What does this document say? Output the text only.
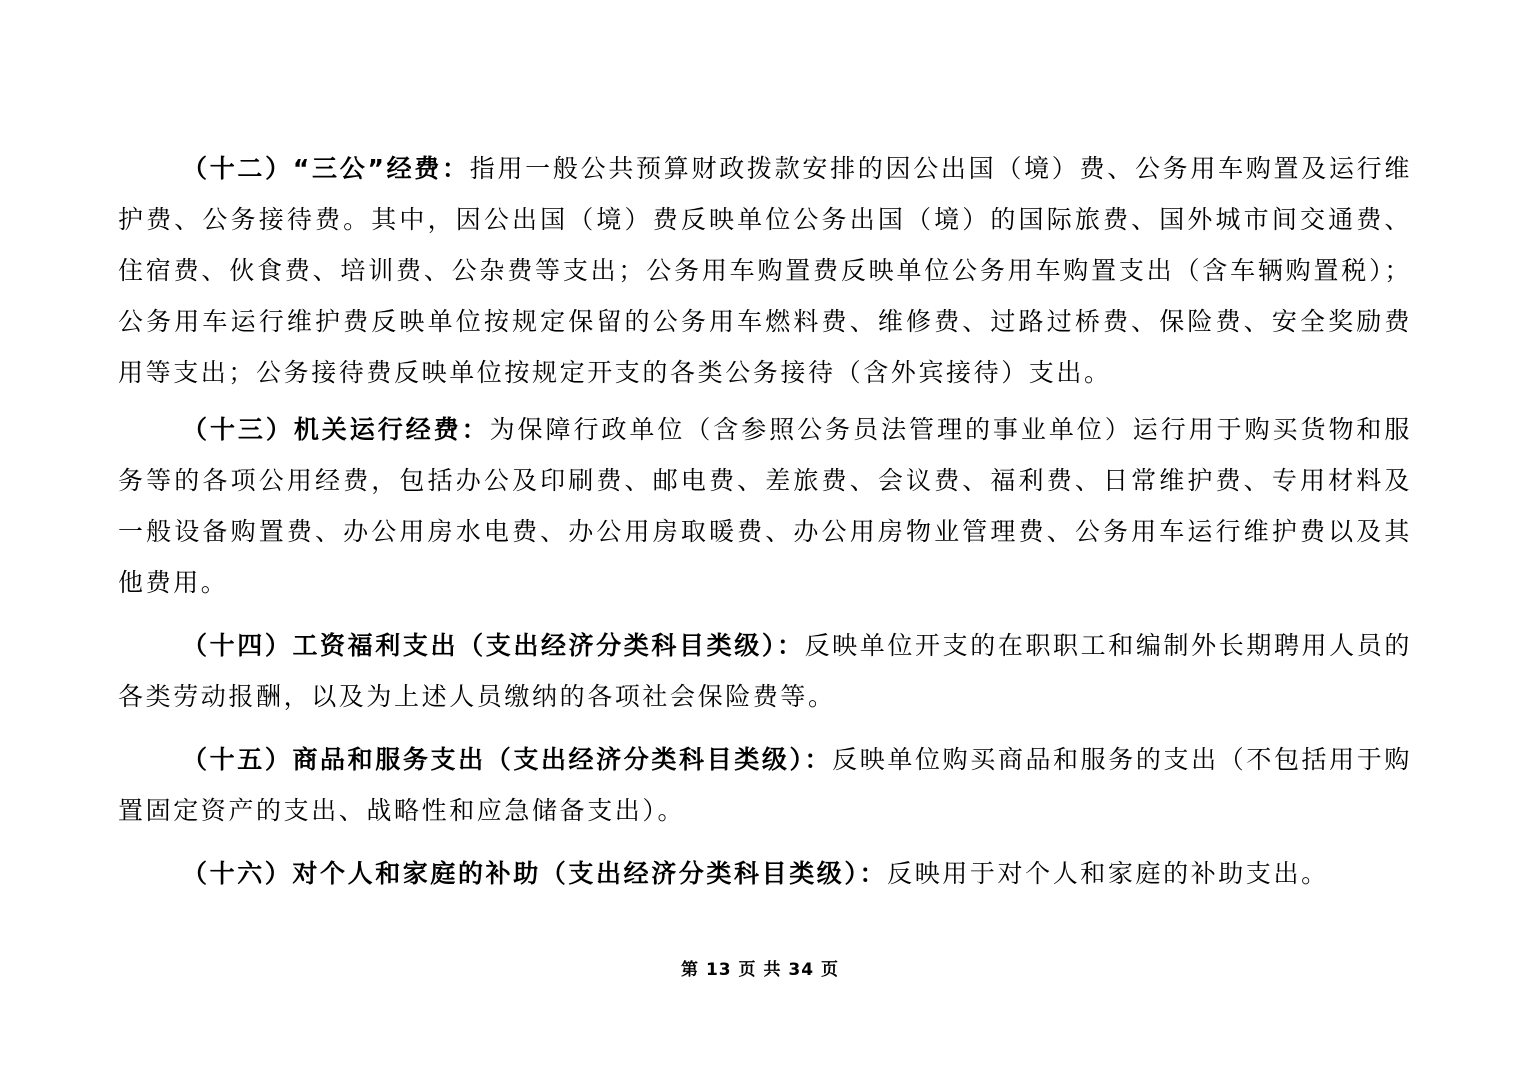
（十二）“三公”经费：指用一般公共预算财政拨款安排的因公出国（境）费、公务用车购置及运行维护费、公务接待费。其中，因公出国（境）费反映单位公务出国（境）的国际旅费、国外城市间交通费、住宿费、伙食费、培训费、公杂费等支出；公务用车购置费反映单位公务用车购置支出（含车辆购置税）；公务用车运行维护费反映单位按规定保留的公务用车燃料费、维修费、过路过桥费、保险费、安全奖励费用等支出；公务接待费反映单位按规定开支的各类公务接待（含外宾接待）支出。

（十三）机关运行经费：为保障行政单位（含参照公务员法管理的事业单位）运行用于购买货物和服务等的各项公用经费，包括办公及印刷费、邮电费、差旅费、会议费、福利费、日常维护费、专用材料及一般设备购置费、办公用房水电费、办公用房取暖费、办公用房物业管理费、公务用车运行维护费以及其他费用。

（十四）工资福利支出（支出经济分类科目类级）：反映单位开支的在职职工和编制外长期聘用人员的各类劳动报酬，以及为上述人员缴纳的各项社会保险费等。

（十五）商品和服务支出（支出经济分类科目类级）：反映单位购买商品和服务的支出（不包括用于购置固定资产的支出、战略性和应急储备支出）。

（十六）对个人和家庭的补助（支出经济分类科目类级）：反映用于对个人和家庭的补助支出。

第 13 页 共 34 页
